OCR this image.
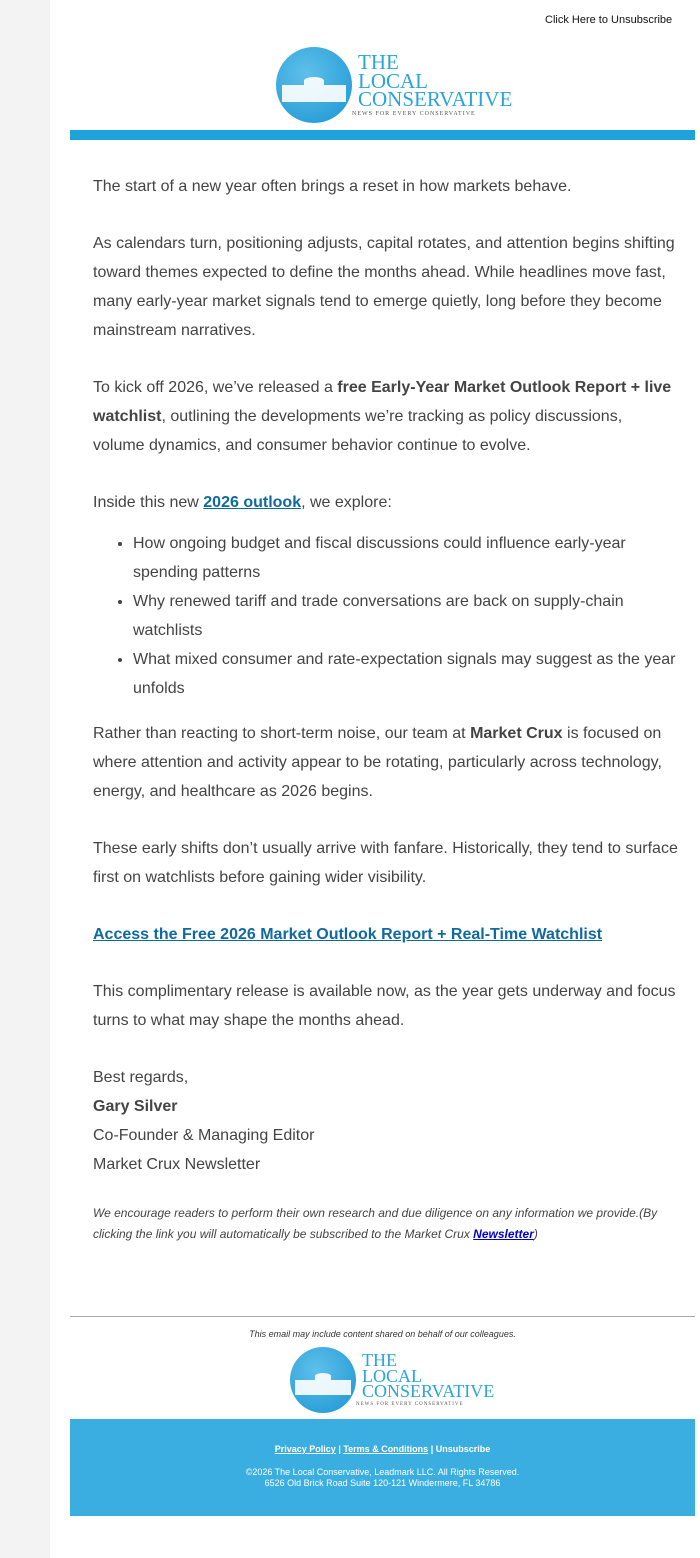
Click Here to Unsubscribe
THE
LOCAL
CONSERVATIVE
NEWS FOR EVERY CONSERVATIVE

The start of a new year often brings a reset in how markets behave.

As calendars turn, positioning adjusts, capital rotates, and attention begins shifting toward themes expected to define the months ahead. While headlines move fast, many early-year market signals tend to emerge quietly, long before they become mainstream narratives.

To kick off 2026, we’ve released a free Early-Year Market Outlook Report + live watchlist, outlining the developments we’re tracking as policy discussions, volume dynamics, and consumer behavior continue to evolve.

Inside this new 2026 outlook, we explore:

• How ongoing budget and fiscal discussions could influence early-year spending patterns
• Why renewed tariff and trade conversations are back on supply-chain watchlists
• What mixed consumer and rate-expectation signals may suggest as the year unfolds

Rather than reacting to short-term noise, our team at Market Crux is focused on where attention and activity appear to be rotating, particularly across technology, energy, and healthcare as 2026 begins.

These early shifts don’t usually arrive with fanfare. Historically, they tend to surface first on watchlists before gaining wider visibility.

Access the Free 2026 Market Outlook Report + Real-Time Watchlist

This complimentary release is available now, as the year gets underway and focus turns to what may shape the months ahead.

Best regards,
Gary Silver
Co-Founder & Managing Editor
Market Crux Newsletter

We encourage readers to perform their own research and due diligence on any information we provide.(By clicking the link you will automatically be subscribed to the Market Crux Newsletter)

This email may include content shared on behalf of our colleagues.
THE
LOCAL
CONSERVATIVE
NEWS FOR EVERY CONSERVATIVE
Privacy Policy | Terms & Conditions | Unsubscribe
©2026 The Local Conservative, Leadmark LLC. All Rights Reserved.
6526 Old Brick Road Suite 120-121 Windermere, FL 34786
